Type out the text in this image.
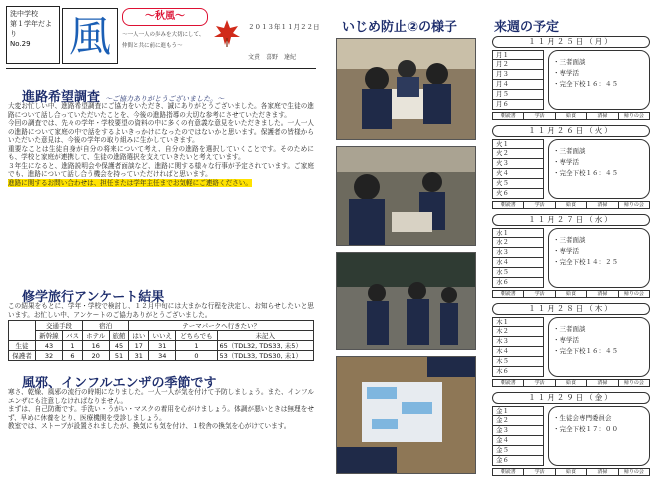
洗中学校
第１学年だより
No.29 風	～秋風～
～一人一人の歩みを大切にして、
仲間と共に前に進もう～
２０１３年１１月２２日
文責　喜野　達紀
進路希望調査 ～ご協力ありがとうございました。～

大変お忙しい中、進路希望調査にご協力をいただき、誠にありがとうございました。各家庭で生徒の進路について話し合っていただいたことを、今後の進路指導の大切な参考にさせていただきます。

今回の調査では、先々の学年・学校要望の資料の中に多くの有意義な意見をいただきました。一人一人の進路について家庭の中で話をするよいきっかけになったのではないかと思います。保護者の皆様からいただいた意見は、今後の学年の取り組みに生かしていきます。

重要なことは生徒自身が自分の将来について考え、自分の進路を選択していくことです。そのためにも、学校と家庭が連携して、生徒の進路選択を支えていきたいと考えています。

３年生になると、進路説明会や保護者面談など、進路に関する様々な行事が予定されています。ご家庭でも、進路について話し合う機会を持っていただければと思います。

進路に関するお問い合わせは、担任または学年主任までお気軽にご連絡ください。

修学旅行アンケート結果
この結果をもとに、学年・学校で検討し、１２月中旬には大まかな行程を決定し、お知らせしたいと思います。お忙しい中、アンケートのご協力ありがとうございました。
	交通手段		宿泊		テーマパークへ行きたい？			
	新幹線	バス	ホテル	旅館	はい	いいえ	どちらでも	未記入
生徒	43	1	16	45	17	31	1	65（TDL32, TDS33, 未5）
保護者	32	6	20	51	31	34	0	53（TDL33, TDS30, 未1）
風邪、インフルエンザの季節です

寒さ、乾燥、風邪の流行の時期になりました。一人一人が気を付けて予防しましょう。また、インフルエンザにも注意しなければなりません。

まずは、自己防衛です。手洗い・うがい・マスクの着用を心がけましょう。体調が悪いときは無理をせず、早めに休養をとり、医療機関を受診しましょう。

教室では、ストーブが設置されましたが、換気にも気を付け、１校舎の換気を心がけています。

いじめ防止②の様子	来週の予定
１１月２５日（月）
月１
月２
月３
月４
月５
月６
・三者面談
・専学活
・完全下校１６：４５
朝読書	学活	給食	清掃	帰りの会
１１月２６日（火）
火１
火２
火３
火４
火５
火６
・三者面談
・専学活
・完全下校１６：４５
朝読書	学活	給食	清掃	帰りの会
１１月２７日（水）
水１
水２
水３
水４
水５
水６
・三者面談
・専学活
・完全下校１４：２５
朝読書	学活	給食	清掃	帰りの会
１１月２８日（木）
木１
木２
木３
木４
木５
木６
・三者面談
・専学活
・完全下校１６：４５
朝読書	学活	給食	清掃	帰りの会
１１月２９日（金）
金１
金２
金３
金４
金５
金６
・生徒会専門委員会
・完全下校１７：００
朝読書	学活	給食	清掃	帰りの会
